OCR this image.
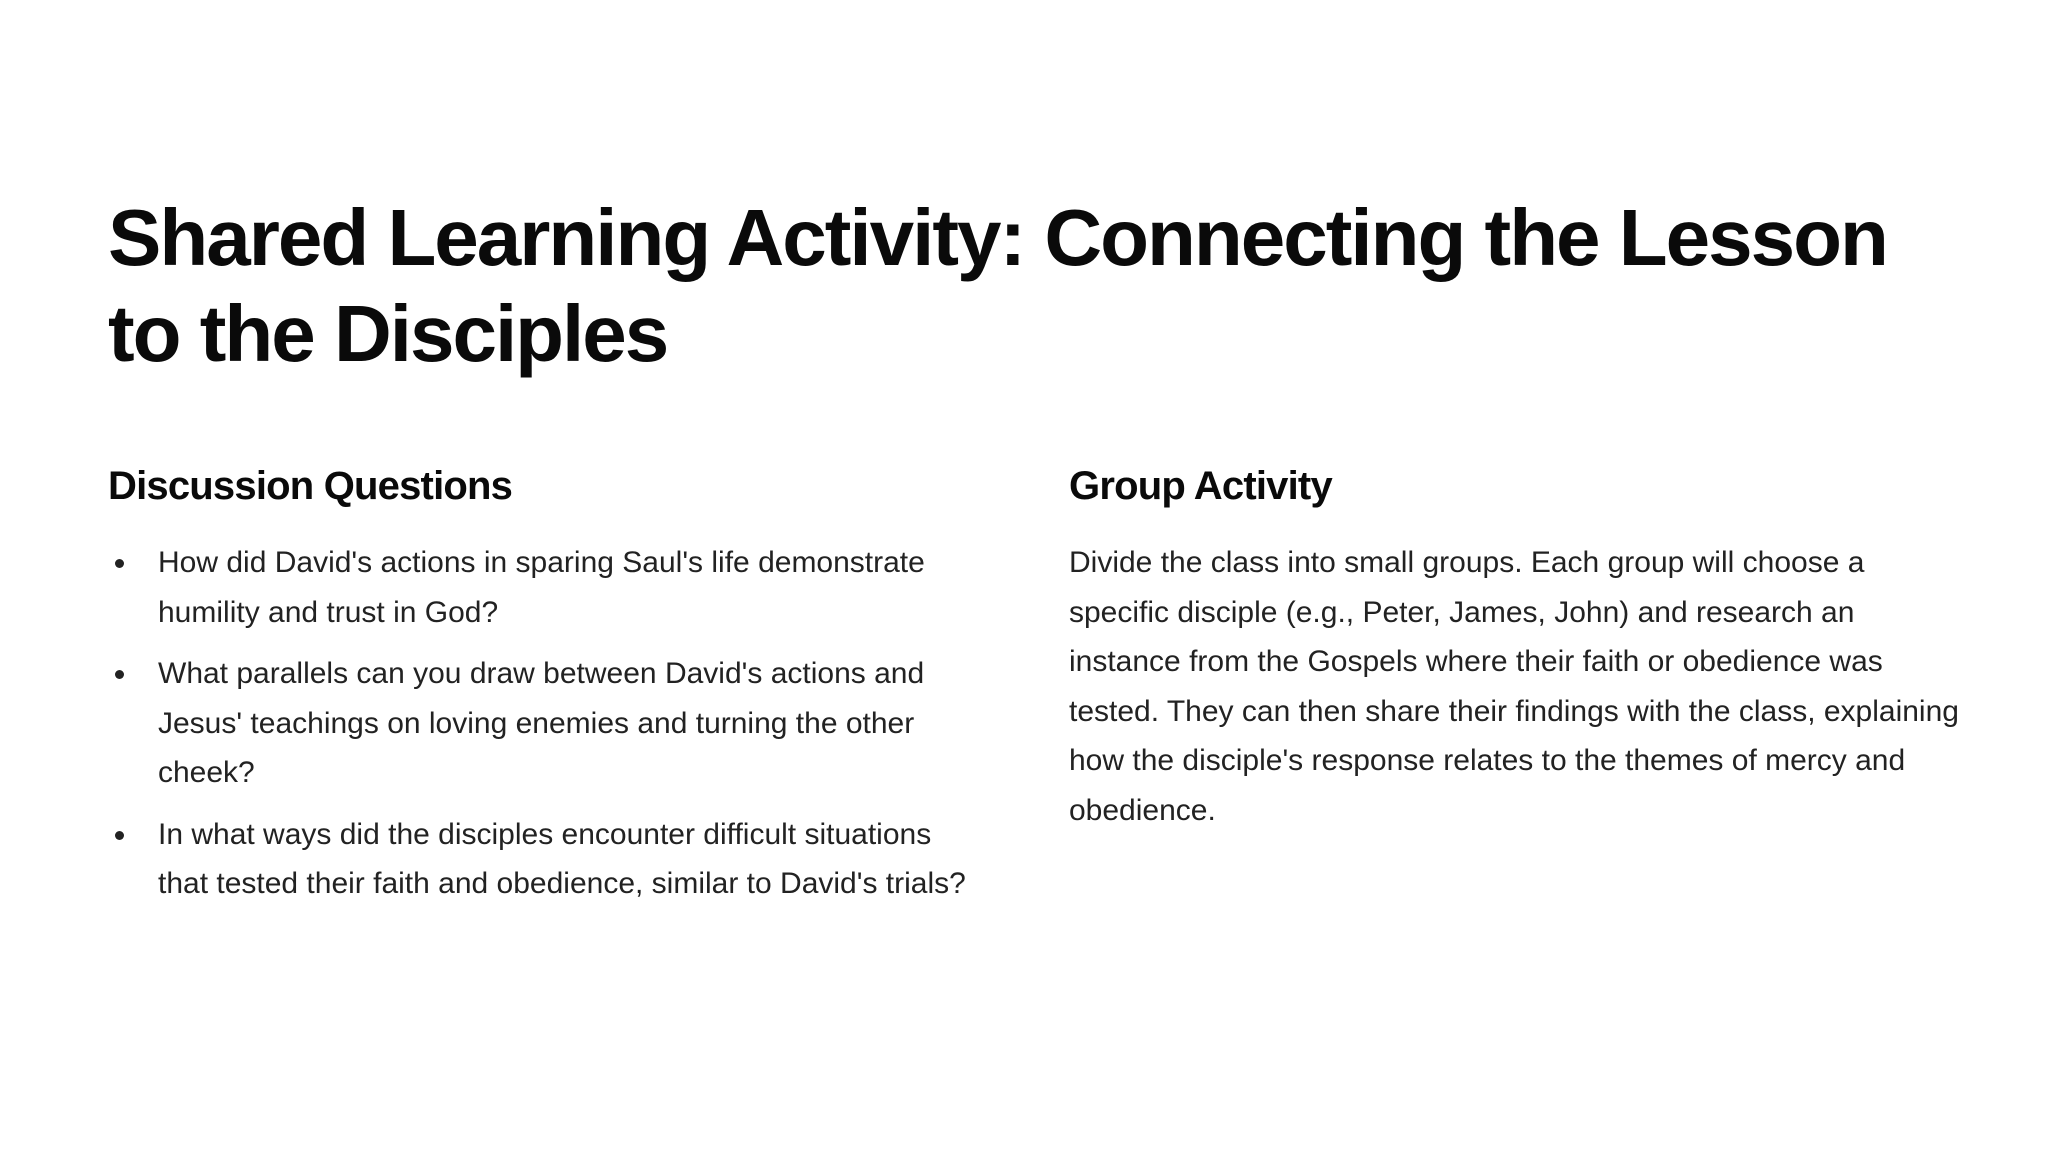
Shared Learning Activity: Connecting the Lesson to the Disciples
Discussion Questions
How did David's actions in sparing Saul's life demonstrate humility and trust in God?
What parallels can you draw between David's actions and Jesus' teachings on loving enemies and turning the other cheek?
In what ways did the disciples encounter difficult situations that tested their faith and obedience, similar to David's trials?
Group Activity

Divide the class into small groups. Each group will choose a specific disciple (e.g., Peter, James, John) and research an instance from the Gospels where their faith or obedience was tested. They can then share their findings with the class, explaining how the disciple's response relates to the themes of mercy and obedience.
